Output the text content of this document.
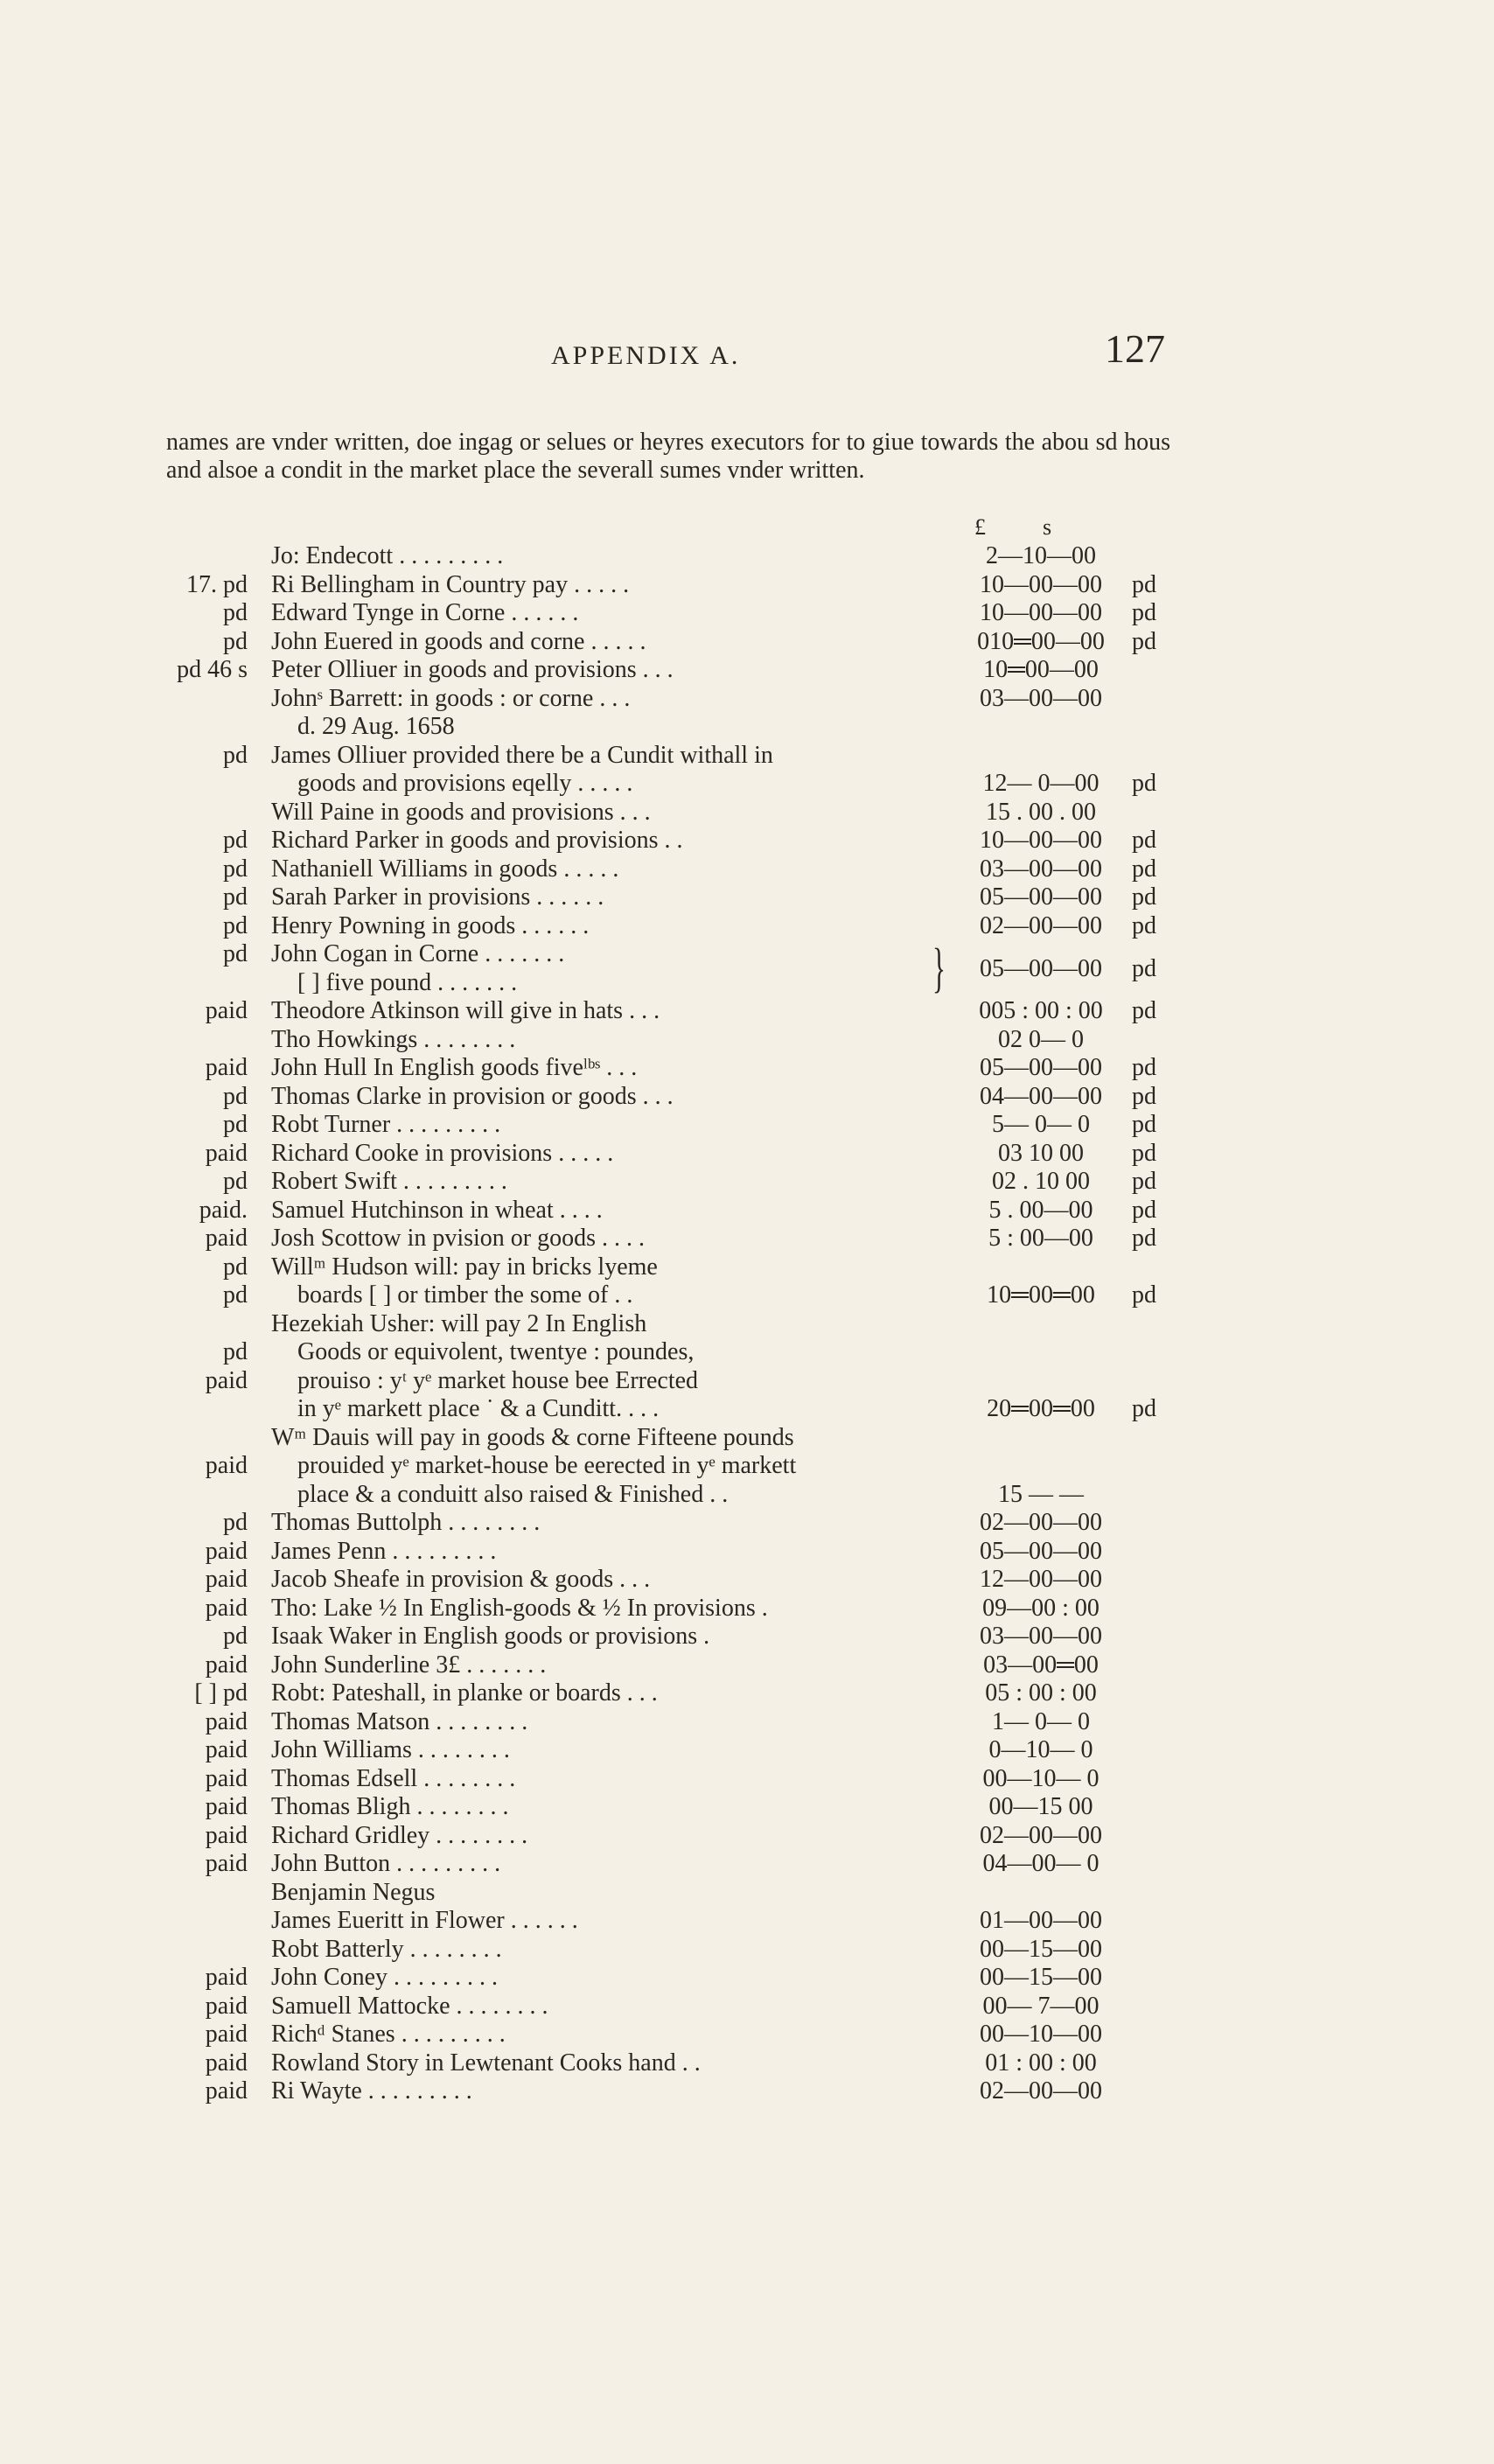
APPENDIX A.	127

names are vnder written, doe ingag or selues or heyres executors for to giue towards the abou sd hous and alsoe a condit in the market place the severall sumes vnder written.

£	s
Jo: Endecott . . . . . . . . .	2—10—00
17. pd Ri Bellingham in Country pay . . . . .	10—00—00	pd
pd Edward Tynge in Corne . . . . . .	10—00—00	pd
pd John Euered in goods and corne . . . . .	010═00—00	pd
pd 46 s Peter Olliuer in goods and provisions . . .	10═00—00
Johnˢ Barrett: in goods : or corne . . .	03—00—00
d. 29 Aug. 1658
pd James Olliuer provided there be a Cundit withall in
goods and provisions eqelly . . . . .	12— 0—00	pd
Will Paine in goods and provisions . . .	15 . 00 . 00
pd Richard Parker in goods and provisions . .	10—00—00	pd
pd Nathaniell Williams in goods . . . . .	03—00—00	pd
pd Sarah Parker in provisions . . . . . .	05—00—00	pd
pd Henry Powning in goods . . . . . .	02—00—00	pd
pd John Cogan in Corne . . . . . . .
[ ] five pound . . . . . . .	}	05—00—00	pd
paid Theodore Atkinson will give in hats . . .	005 : 00 : 00	pd
Tho Howkings . . . . . . . .	02 0— 0
paid John Hull In English goods fiveˡᵇˢ . . .	05—00—00	pd
pd Thomas Clarke in provision or goods . . .	04—00—00	pd
pd Robt Turner . . . . . . . . .	5— 0— 0	pd
paid Richard Cooke in provisions . . . . .	03 10 00	pd
pd Robert Swift . . . . . . . . .	02 . 10 00	pd
paid. Samuel Hutchinson in wheat . . . .	5 . 00—00	pd
paid Josh Scottow in pvision or goods . . . .	5 : 00—00	pd
pd Willᵐ Hudson will: pay in bricks lyeme
pd boards [ ] or timber the some of . .	10═00═00	pd
Hezekiah Usher: will pay 2 In English
pd Goods or equivolent, twentye : poundes,
paid prouiso : yᵗ yᵉ market house bee Errected
in yᵉ markett place ˙ & a Cunditt. . . .	20═00═00	pd
Wᵐ Dauis will pay in goods & corne Fifteene pounds
paid prouided yᵉ market-house be eerected in yᵉ markett
place & a conduitt also raised & Finished . .	15 — —
pd Thomas Buttolph . . . . . . . .	02—00—00
paid James Penn . . . . . . . . .	05—00—00
paid Jacob Sheafe in provision & goods . . .	12—00—00
paid Tho: Lake ½ In English-goods & ½ In provisions .	09—00 : 00
pd Isaak Waker in English goods or provisions .	03—00—00
paid John Sunderline 3£ . . . . . . .	03—00═00
[ ] pd Robt: Pateshall, in planke or boards . . .	05 : 00 : 00
paid Thomas Matson . . . . . . . .	1— 0— 0
paid John Williams . . . . . . . .	0—10— 0
paid Thomas Edsell . . . . . . . .	00—10— 0
paid Thomas Bligh . . . . . . . .	00—15 00
paid Richard Gridley . . . . . . . .	02—00—00
paid John Button . . . . . . . . .	04—00— 0
Benjamin Negus
James Eueritt in Flower . . . . . .	01—00—00
Robt Batterly . . . . . . . .	00—15—00
paid John Coney . . . . . . . . .	00—15—00
paid Samuell Mattocke . . . . . . . .	00— 7—00
paid Richᵈ Stanes . . . . . . . . .	00—10—00
paid Rowland Story in Lewtenant Cooks hand . .	01 : 00 : 00
paid Ri Wayte . . . . . . . . .	02—00—00
